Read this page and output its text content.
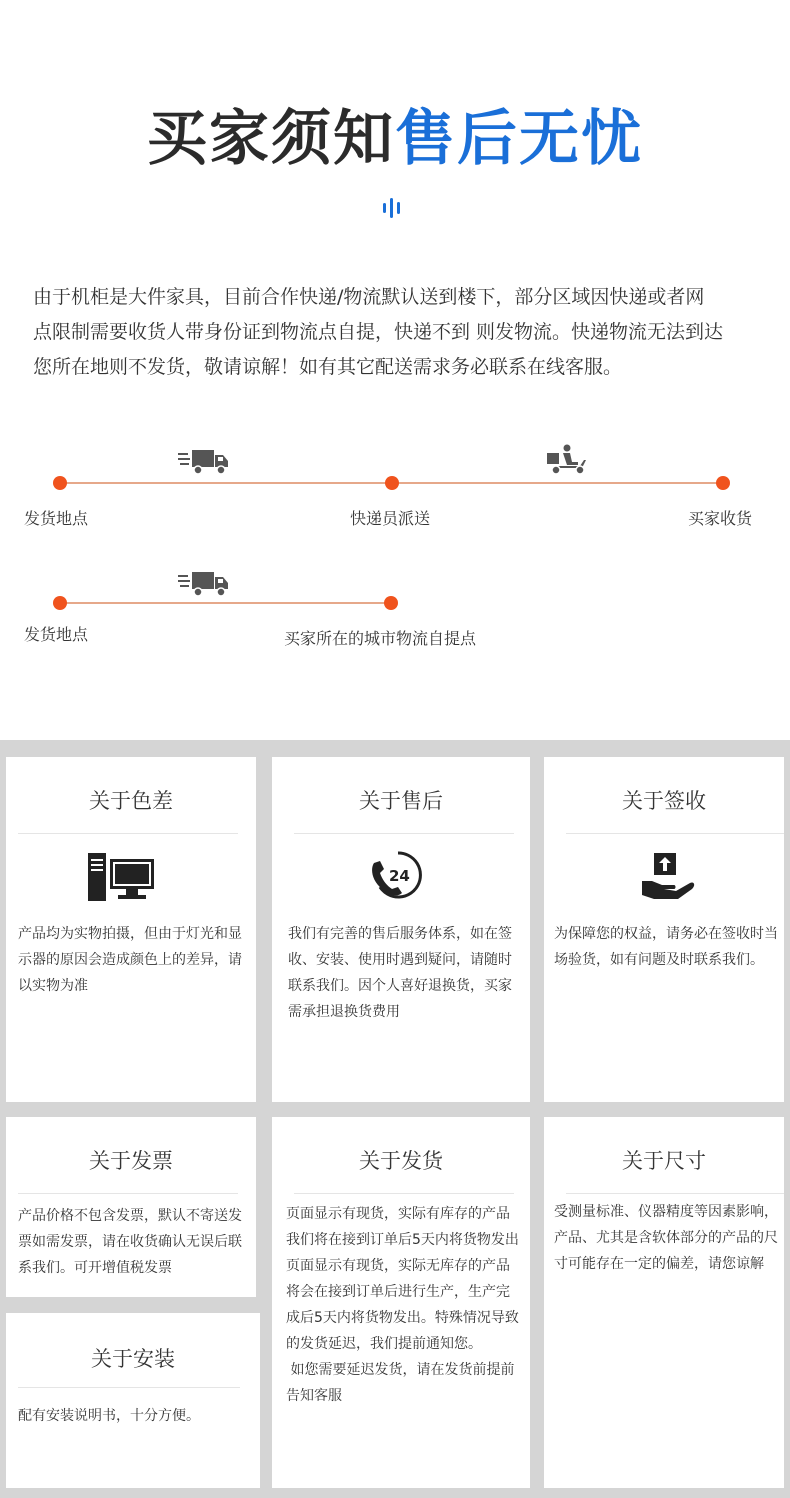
买家须知售后无忧

由于机柜是大件家具，目前合作快递/物流默认送到楼下，部分区域因快递或者网

点限制需要收货人带身份证到物流点自提，快递不到 则发物流。快递物流无法到达

您所在地则不发货，敬请谅解！如有其它配送需求务必联系在线客服。

发货地点	快递员派送	买家收货
发货地点	买家所在的城市物流自提点
关于色差

产品均为实物拍摄，但由于灯光和显

示器的原因会造成颜色上的差异，请

以实物为准

关于售后
24

我们有完善的售后服务体系，如在签

收、安装、使用时遇到疑问，请随时

联系我们。因个人喜好退换货，买家

需承担退换货费用

关于签收

为保障您的权益，请务必在签收时当

场验货，如有问题及时联系我们。

关于发票

产品价格不包含发票，默认不寄送发

票如需发票，请在收货确认无误后联

系我们。可开增值税发票

关于发货

页面显示有现货，实际有库存的产品

我们将在接到订单后5天内将货物发出

页面显示有现货，实际无库存的产品

将会在接到订单后进行生产，生产完

成后5天内将货物发出。特殊情况导致

的发货延迟，我们提前通知您。

如您需要延迟发货，请在发货前提前

告知客服

关于尺寸

受测量标准、仪器精度等因素影响，

产品、尤其是含软体部分的产品的尺

寸可能存在一定的偏差，请您谅解

关于安装

配有安装说明书，十分方便。
